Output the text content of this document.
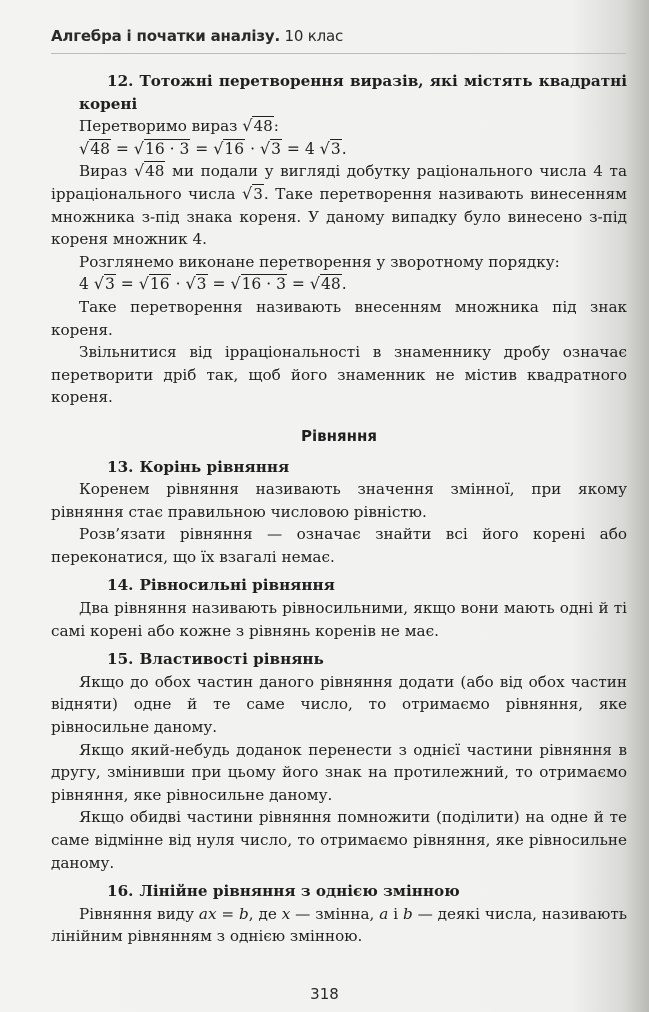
Алгебра і початки аналізу. 10 клас

12. Тотожні перетворення виразів, які містять квадратні корені

Перетворимо вираз √48:

√48 = √16 · 3 = √16 · √3 = 4 √3.

Вираз √48 ми подали у вигляді добутку раціонального числа 4 та ірраціонального числа √3. Таке перетворення називають винесенням множника з-під знака кореня. У даному випадку було винесено з-під кореня множник 4.

Розглянемо виконане перетворення у зворотному порядку:

4 √3 = √16 · √3 = √16 · 3 = √48.

Таке перетворення називають внесенням множника під знак кореня.

Звільнитися від ірраціональності в знаменнику дробу означає перетворити дріб так, щоб його знаменник не містив квадратного кореня.

Рівняння

13. Корінь рівняння

Коренем рівняння називають значення змінної, при якому рівняння стає правильною числовою рівністю.

Розв’язати рівняння — означає знайти всі його корені або переконатися, що їх взагалі немає.

14. Рівносильні рівняння

Два рівняння називають рівносильними, якщо вони мають одні й ті самі корені або кожне з рівнянь коренів не має.

15. Властивості рівнянь

Якщо до обох частин даного рівняння додати (або від обох частин відняти) одне й те саме число, то отримаємо рівняння, яке рівносильне даному.

Якщо який-небудь доданок перенести з однієї частини рівняння в другу, змінивши при цьому його знак на протилежний, то отримаємо рівняння, яке рівносильне даному.

Якщо обидві частини рівняння помножити (поділити) на одне й те саме відмінне від нуля число, то отримаємо рівняння, яке рівносильне даному.

16. Лінійне рівняння з однією змінною

Рівняння виду ax = b, де x — змінна, a і b — деякі числа, називають лінійним рівнянням з однією змінною.

318
